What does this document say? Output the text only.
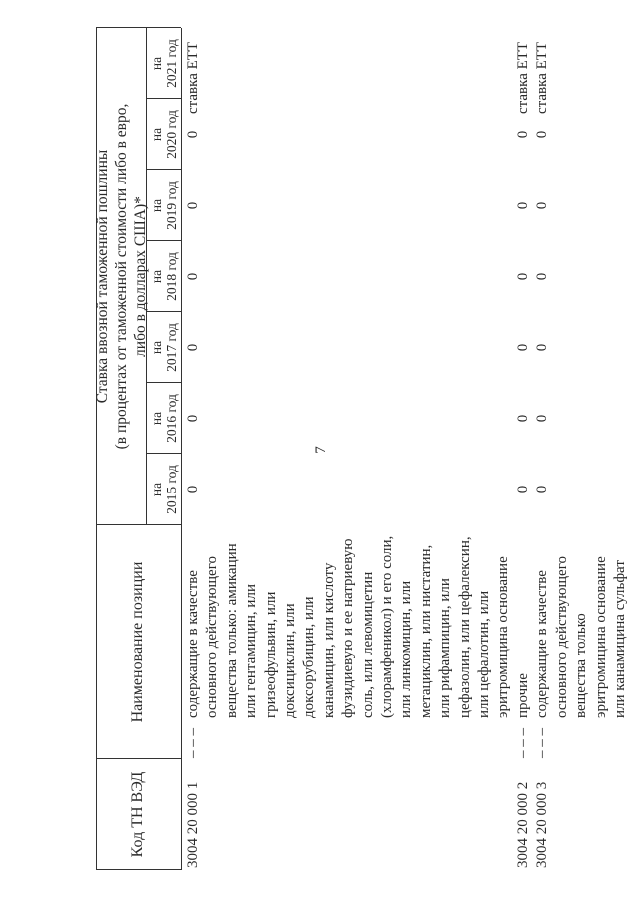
7
Код ТН ВЭД
Наименование позиции
Ставка ввозной таможенной пошлины (в процентах от таможенной стоимости либо в евро, либо в долларах США)*
на 2015 год
на 2016 год
на 2017 год
на 2018 год
на 2019 год
на 2020 год
на 2021 год
3004 20 000 1
– – –
содержащие в качестве основного действующего вещества только: амикацин или гентамицин, или гризеофульвин, или доксициклин, или доксорубицин, или канамицин, или кислоту фузидиевую и ее натриевую соль, или левомицетин (хлорамфеникол) и его соли, или линкомицин, или метациклин, или нистатин, или рифампицин, или цефазолин, или цефалексин, или цефалотин, или эритромицина основание
0
0
0
0
0
0
ставка ЕТТ
3004 20 000 2
– – –
прочие
0
0
0
0
0
0
ставка ЕТТ
3004 20 000 3
– – –
содержащие в качестве основного действующего вещества только эритромицина основание или канамицина сульфат
0
0
0
0
0
0
ставка ЕТТ
